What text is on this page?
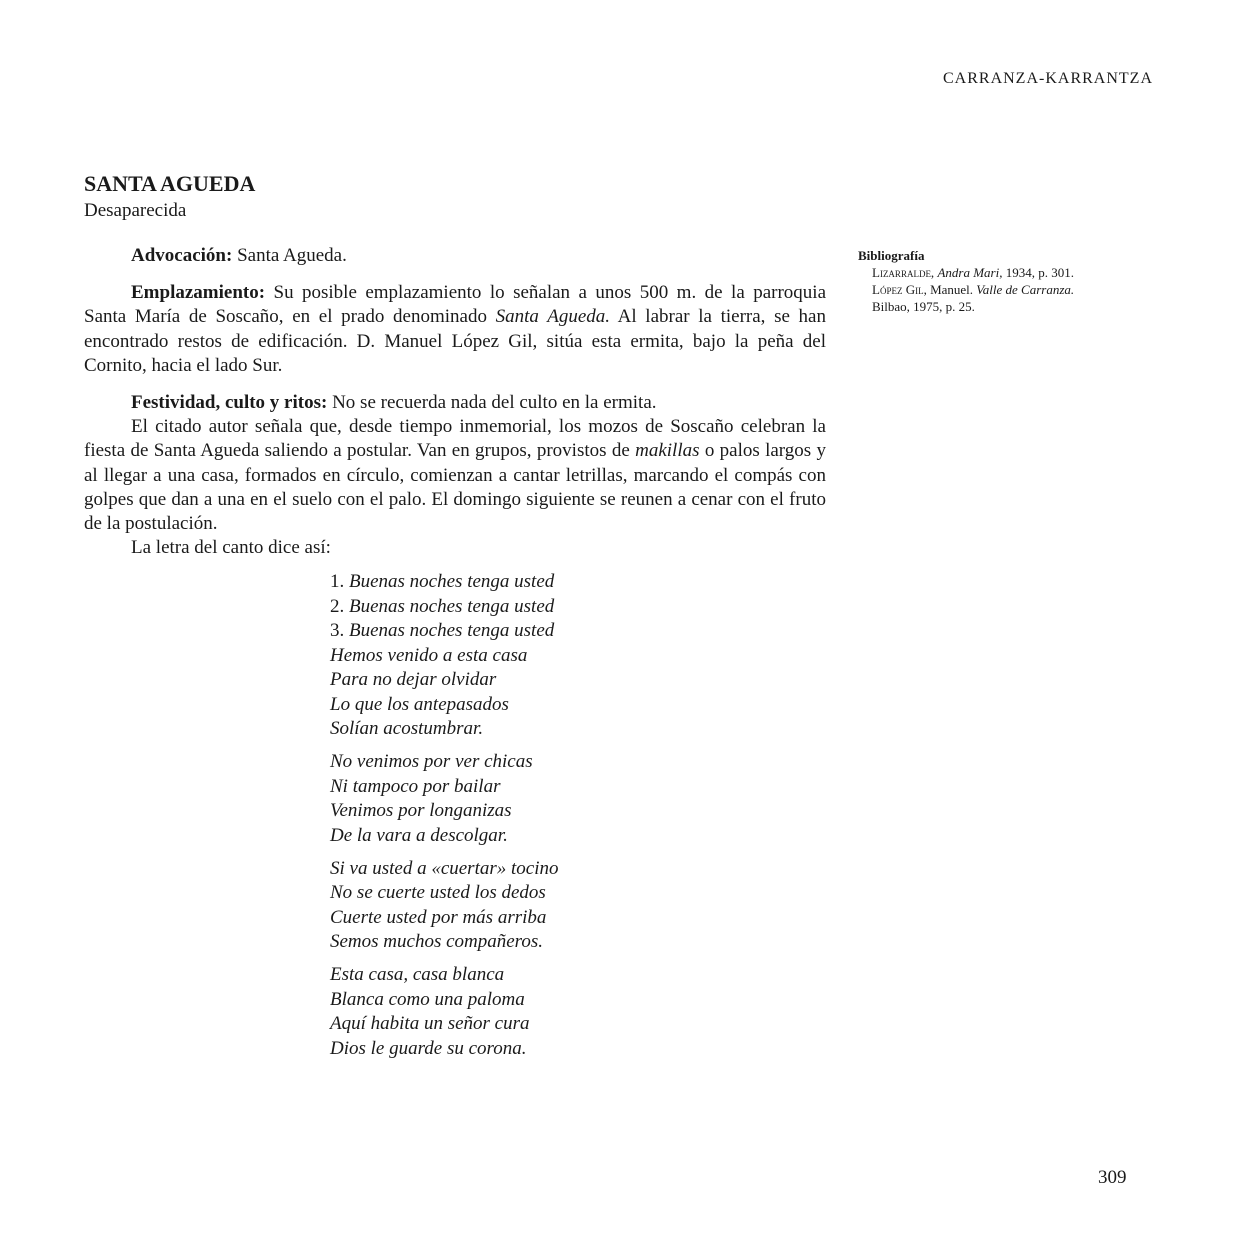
CARRANZA-KARRANTZA
SANTA AGUEDA

Desaparecida

Advocación: Santa Agueda.

Emplazamiento: Su posible emplazamiento lo señalan a unos 500 m. de la parroquia Santa María de Soscaño, en el prado denominado Santa Agueda. Al labrar la tierra, se han encontrado restos de edificación. D. Manuel López Gil, sitúa esta ermita, bajo la peña del Cornito, hacia el lado Sur.

Festividad, culto y ritos: No se recuerda nada del culto en la ermita.

El citado autor señala que, desde tiempo inmemorial, los mozos de Soscaño celebran la fiesta de Santa Agueda saliendo a postular. Van en grupos, provistos de makillas o palos largos y al llegar a una casa, formados en círculo, comienzan a cantar letrillas, marcando el compás con golpes que dan a una en el suelo con el palo. El domingo siguiente se reunen a cenar con el fruto de la postulación.

La letra del canto dice así:

1. Buenas noches tenga usted
2. Buenas noches tenga usted
3. Buenas noches tenga usted
Hemos venido a esta casa
Para no dejar olvidar
Lo que los antepasados
Solían acostumbrar.
No venimos por ver chicas
Ni tampoco por bailar
Venimos por longanizas
De la vara a descolgar.
Si va usted a «cuertar» tocino
No se cuerte usted los dedos
Cuerte usted por más arriba
Semos muchos compañeros.
Esta casa, casa blanca
Blanca como una paloma
Aquí habita un señor cura
Dios le guarde su corona.
Bibliografía
Lizarralde, Andra Mari, 1934, p. 301.
López Gil, Manuel. Valle de Carranza.
Bilbao, 1975, p. 25.
309
